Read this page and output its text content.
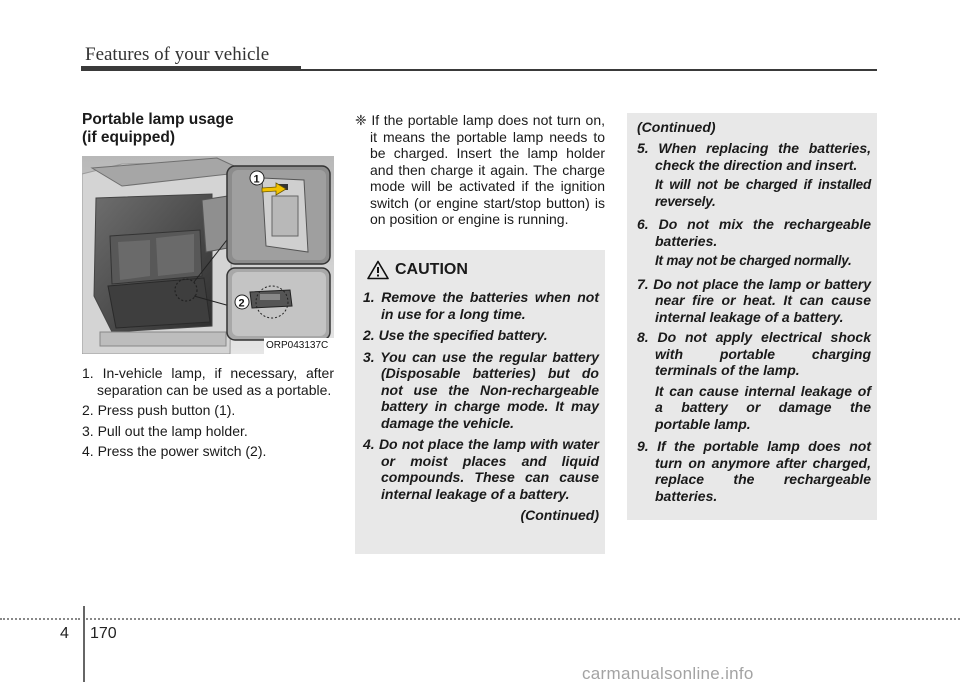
Features of your vehicle
Portable lamp usage
(if equipped)
1
2
ORP043137C
1. In-vehicle lamp, if necessary, after separation can be used as a portable.
2. Press push button (1).
3. Pull out the lamp holder.
4. Press the power switch (2).
❈ If the portable lamp does not turn on, it means the portable lamp needs to be charged. Insert the lamp holder and then charge it again. The charge mode will be activated if the ignition switch (or engine start/stop button) is on position or engine is running.
CAUTION
1. Remove the batteries when not in use for a long time.
2. Use the specified battery.
3. You can use the regular battery (Disposable batteries) but do not use the Non-rechargeable battery in charge mode. It may damage the vehicle.
4. Do not place the lamp with water or moist places and liquid compounds. These can cause internal leakage of a battery.
(Continued)
(Continued)
5. When replacing the batteries, check the direction and insert.
It will not be charged if installed reversely.
6. Do not mix the rechargeable batteries.
It may not be charged normally.
7. Do not place the lamp or battery near fire or heat. It can cause internal leakage of a battery.
8. Do not apply electrical shock with portable charging terminals of the lamp.
It can cause internal leakage of a battery or damage the portable lamp.
9. If the portable lamp does not turn on anymore after charged, replace the rechargeable batteries.
4 170
carmanualsonline.info
